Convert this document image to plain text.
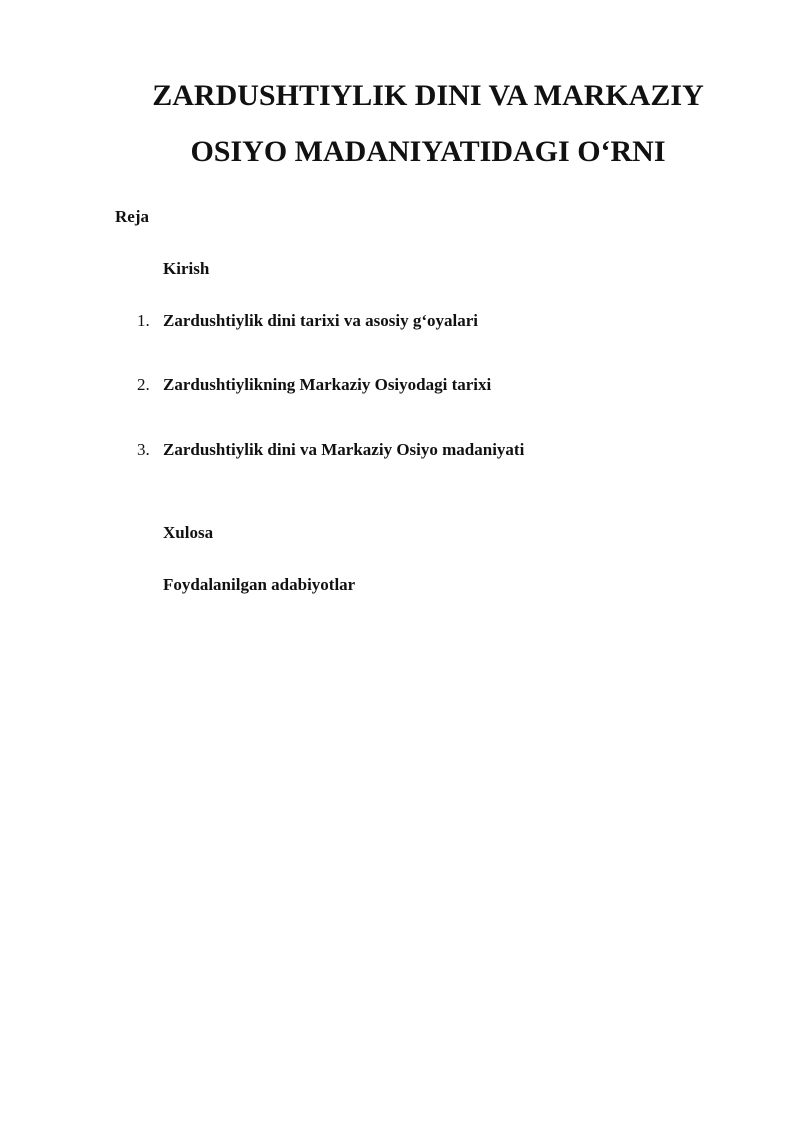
ZARDUSHTIYLIK DINI VA MARKAZIY
OSIYO MADANIYATIDAGI O‘RNI
Reja
Kirish
1. Zardushtiylik dini tarixi va asosiy g‘oyalari
2. Zardushtiylikning Markaziy Osiyodagi tarixi
3. Zardushtiylik dini va Markaziy Osiyo madaniyati
Xulosa
Foydalanilgan adabiyotlar
